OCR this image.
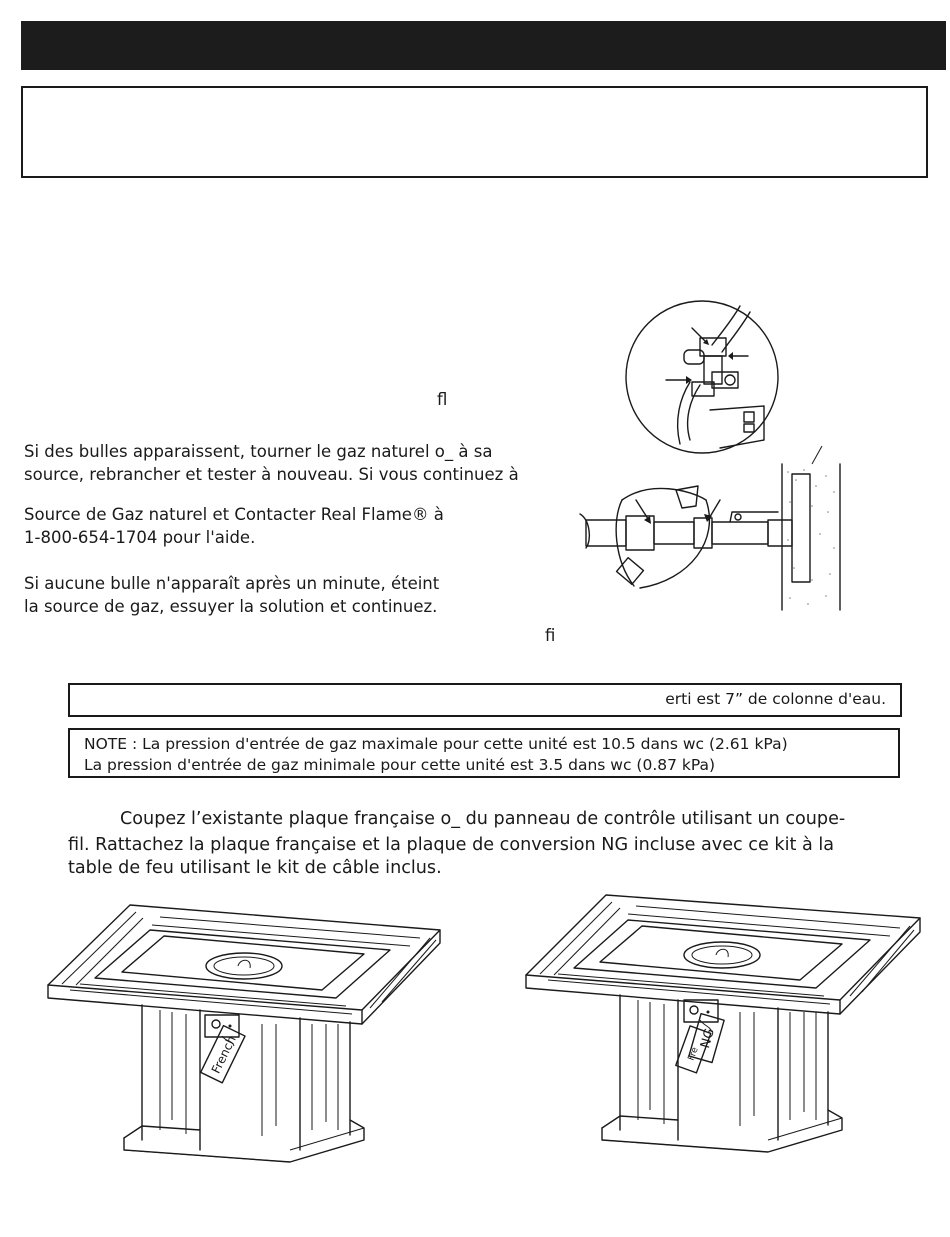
ﬂ
ﬁ
Si des bulles apparaissent, tourner le gaz naturel o_ à sa
source, rebrancher et tester à nouveau. Si vous continuez à
Source de Gaz naturel et Contacter Real Flame® à
1-800-654-1704 pour l'aide.
Si aucune bulle n'apparaît après un minute, éteint
la source de gaz, essuyer la solution et continuez.
erti est 7” de colonne d'eau.
NOTE : La pression d'entrée de gaz maximale pour cette unité est 10.5 dans wc (2.61 kPa)
La pression d'entrée de gaz minimale pour cette unité est 3.5 dans wc (0.87 kPa)
Coupez l’existante plaque française o_ du panneau de contrôle utilisant un coupe-
fil. Rattachez la plaque française et la plaque de conversion NG incluse avec ce kit à la
table de feu utilisant le kit de câble inclus.
French	Fre
NG
